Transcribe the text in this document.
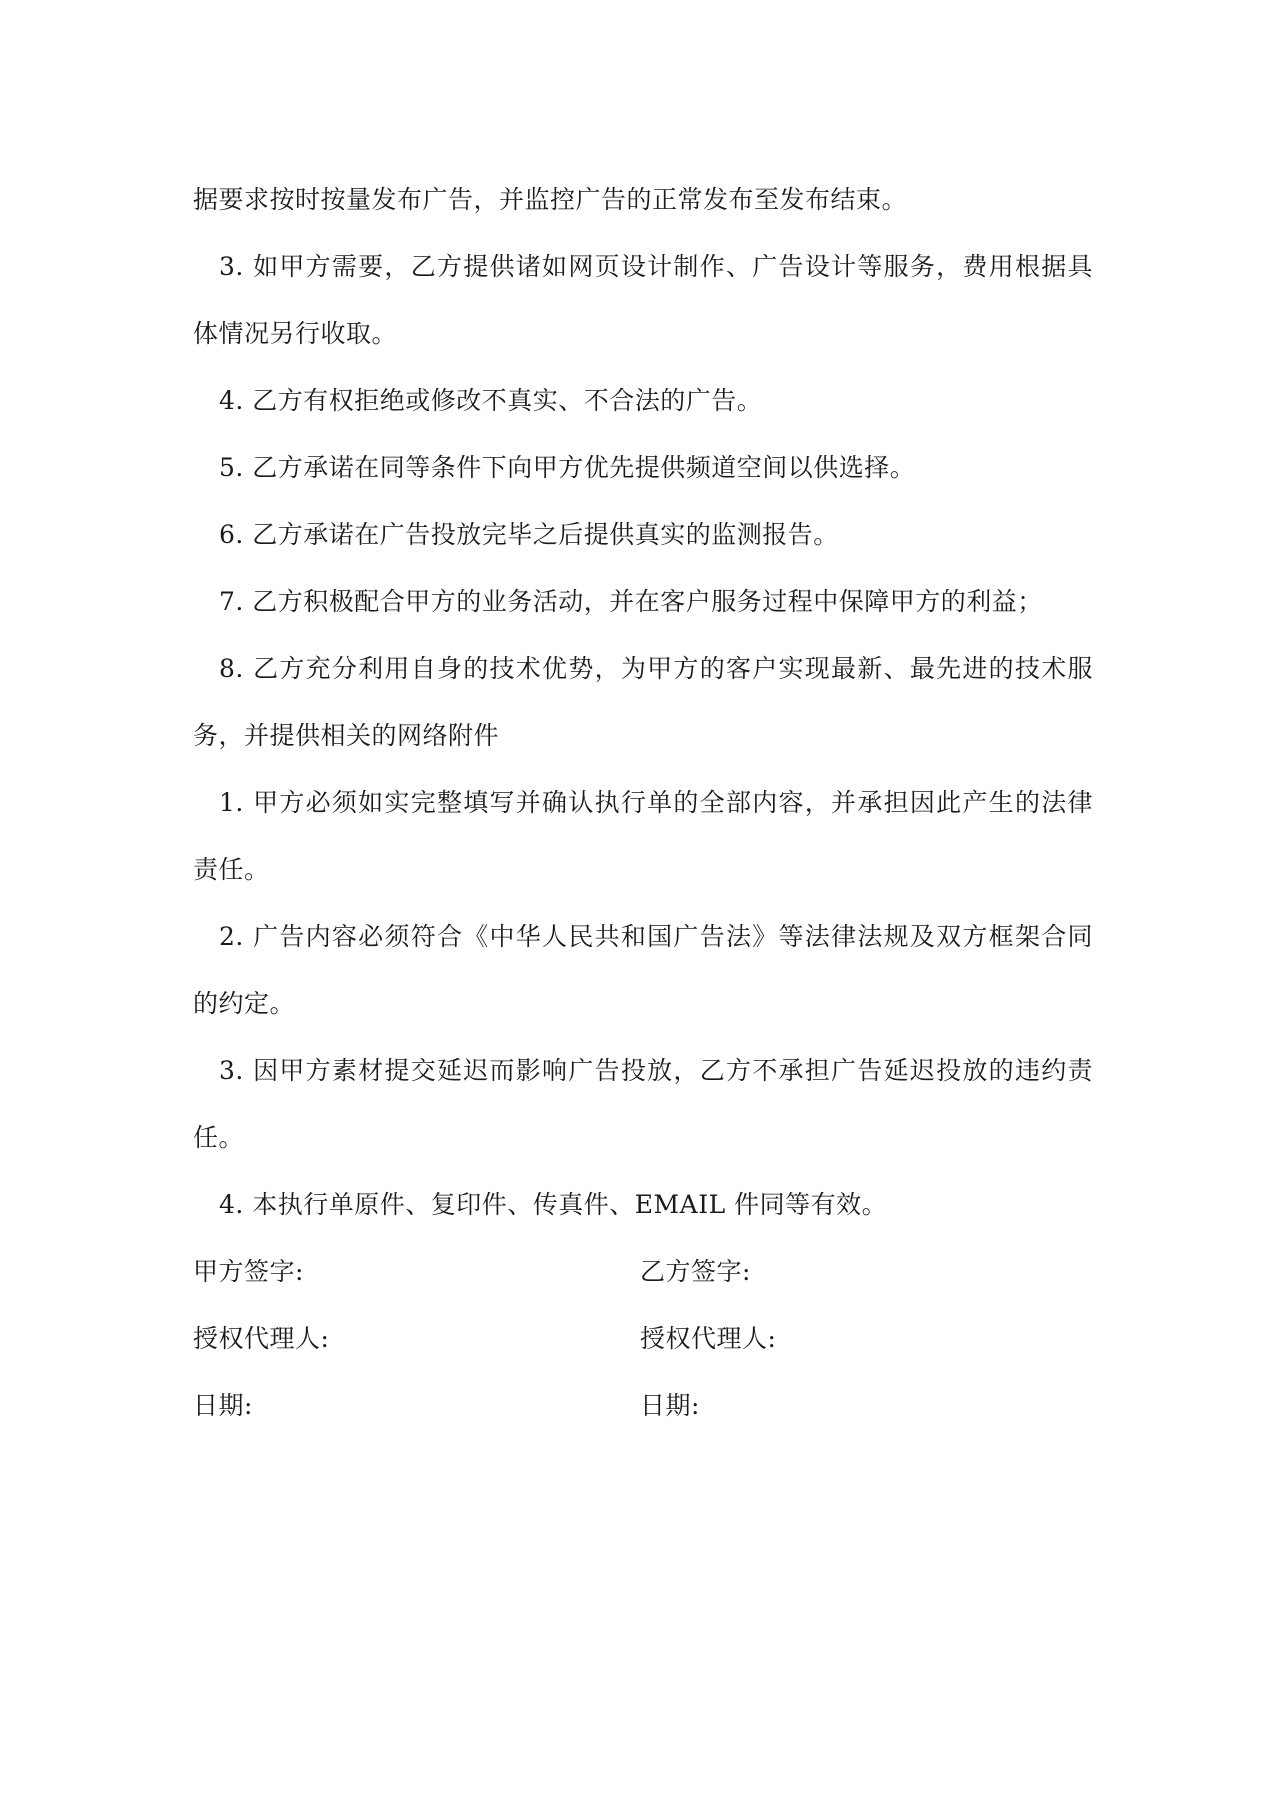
据要求按时按量发布广告，并监控广告的正常发布至发布结束。

3. 如甲方需要，乙方提供诸如网页设计制作、广告设计等服务，费用根据具体情况另行收取。

4. 乙方有权拒绝或修改不真实、不合法的广告。

5. 乙方承诺在同等条件下向甲方优先提供频道空间以供选择。

6. 乙方承诺在广告投放完毕之后提供真实的监测报告。

7. 乙方积极配合甲方的业务活动，并在客户服务过程中保障甲方的利益；

8. 乙方充分利用自身的技术优势，为甲方的客户实现最新、最先进的技术服务，并提供相关的网络附件

1. 甲方必须如实完整填写并确认执行单的全部内容，并承担因此产生的法律责任。

2. 广告内容必须符合《中华人民共和国广告法》等法律法规及双方框架合同的约定。

3. 因甲方素材提交延迟而影响广告投放，乙方不承担广告延迟投放的违约责任。

4. 本执行单原件、复印件、传真件、EMAIL 件同等有效。

甲方签字:	乙方签字:
授权代理人:	授权代理人:
日期:	日期:
